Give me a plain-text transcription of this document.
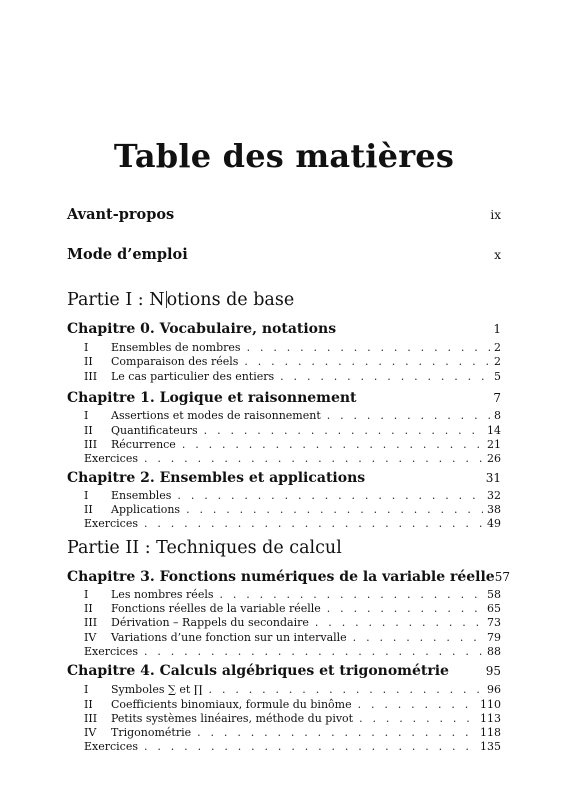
Table des matières
Avant-propos	ix
Mode d’emploi	x
Partie I : N otions de base
Chapitre 0. Vocabulaire, notations	1
I Ensembles de nombres . . .	2
II Comparaison des réels . . .	2
III Le cas particulier des entiers . . .	5
Chapitre 1. Logique et raisonnement	7
I Assertions et modes de raisonnement . . .	8
II Quantificateurs . . .	14
III Récurrence . . .	21
Exercices . . .	26
Chapitre 2. Ensembles et applications	31
I Ensembles . . .	32
II Applications . . .	38
Exercices . . .	49
Partie II : Techniques de calcul
Chapitre 3. Fonctions numériques de la variable réelle 57
I Les nombres réels . . .	58
II Fonctions réelles de la variable réelle . . .	65
III Dérivation – Rappels du secondaire . . .	73
IV Variations d’une fonction sur un intervalle . . .	79
Exercices . . .	88
Chapitre 4. Calculs algébriques et trigonométrie	95
I Symboles ∑ et ∏ . . .	96
II Coefficients binomiaux, formule du binôme . . .	110
III Petits systèmes linéaires, méthode du pivot . . .	113
IV Trigonométrie . . .	118
Exercices . . .	135
